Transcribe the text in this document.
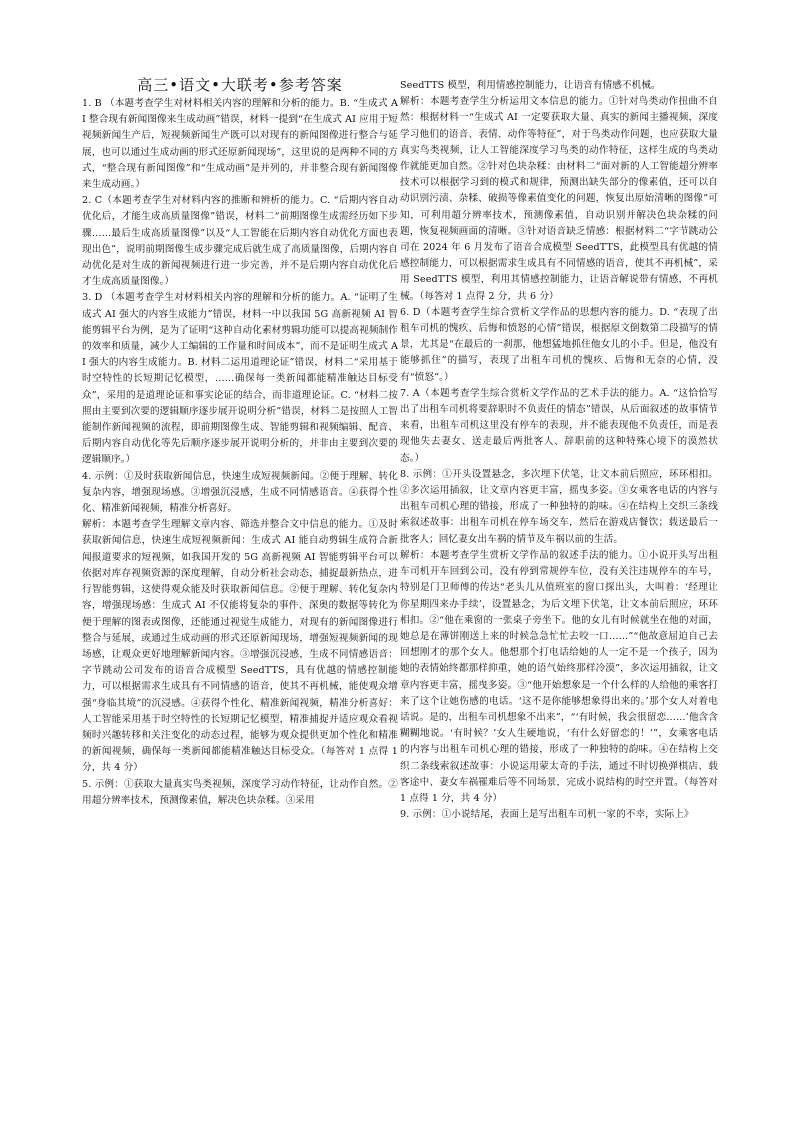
高三•语文•大联考•参考答案

1. B （本题考查学生对材料相关内容的理解和分析的能力。B. “生成式 AI 整合现有新闻图像来生成动画”错误，材料一提到“在生成式 AI 应用于短视频新闻生产后，短视频新闻生产既可以对现有的新闻图像进行整合与延展，也可以通过生成动画的形式还原新闻现场”，这里说的是两种不同的方式，“整合现有新闻图像”和“生成动画”是并列的，并非整合现有新闻图像来生成动画。）

2. C（本题考查学生对材料内容的推断和辨析的能力。C. “后期内容自动优化后，才能生成高质量图像”错误，材料二“前期图像生成需经历如下步骤……最后生成高质量图像”以及“人工智能在后期内容自动优化方面也表现出色”，说明前期图像生成步骤完成后就生成了高质量图像，后期内容自动优化是对生成的新闻视频进行进一步完善，并不是后期内容自动优化后才生成高质量图像。）

3. D （本题考查学生对材料相关内容的理解和分析的能力。A. “证明了生成式 AI 强大的内容生成能力”错误，材料一中以我国 5G 高新视频 AI 智能剪辑平台为例，是为了证明“这种自动化素材剪辑功能可以提高视频制作的效率和质量，减少人工编辑的工作量和时间成本”，而不是证明生成式 AI 强大的内容生成能力。B. 材料二运用道理论证”错误，材料二“采用基于时空特性的长短期记忆模型，……确保每一类新闻都能精准触达目标受众”，采用的是道理论证和事实论证的结合，而非道理论证。C. “材料二按照由主要到次要的逻辑顺序逐步展开说明分析”错误，材料二是按照人工智能制作新闻视频的流程，即前期图像生成、智能剪辑和视频编辑、配音、后期内容自动优化等先后顺序逐步展开说明分析的，并非由主要到次要的逻辑顺序。）

4. 示例：①及时获取新闻信息，快速生成短视频新闻。②便于理解、转化复杂内容，增强现场感。③增强沉浸感，生成不同情感语音。④获得个性化、精准新闻视频，精准分析喜好。

解析：本题考查学生理解文章内容、筛选并整合文中信息的能力。①及时获取新闻信息，快速生成短视频新闻：生成式 AI 能自动剪辑生成符合新闻报道要求的短视频，如我国开发的 5G 高新视频 AI 智能剪辑平台可以依据对库存视频资源的深度理解，自动分析社会动态，捕捉最新热点，进行智能剪辑，这使得观众能及时获取新闻信息。②便于理解、转化复杂内容，增强现场感：生成式 AI 不仅能将复杂的事件、深奥的数据等转化为便于理解的图表或图像，还能通过视觉生成能力，对现有的新闻图像进行整合与延展，或通过生成动画的形式还原新闻现场，增强短视频新闻的现场感，让观众更好地理解新闻内容。③增强沉浸感，生成不同情感语音：字节跳动公司发布的语音合成模型 SeedTTS，具有优越的情感控制能力，可以根据需求生成具有不同情感的语音，使其不再机械，能使观众增强“身临其境”的沉浸感。④获得个性化、精准新闻视频，精准分析喜好：人工智能采用基于时空特性的长短期记忆模型，精准捕捉并适应观众看视频时兴趣转移和关注变化的动态过程，能够为观众提供更加个性化和精准的新闻视频，确保每一类新闻都能精准触达目标受众。（每答对 1 点得 1 分，共 4 分）

5. 示例：①获取大量真实鸟类视频，深度学习动作特征，让动作自然。②用超分辨率技术，预测像素值，解决色块杂糅。③采用

SeedTTS 模型，利用情感控制能力，让语音有情感不机械。

解析：本题考查学生分析运用文本信息的能力。①针对鸟类动作扭曲不自然：根据材料一“生成式 AI 一定要获取大量、真实的新闻主播视频，深度学习他们的语音、表情、动作等特征”，对于鸟类动作问题，也应获取大量真实鸟类视频，让人工智能深度学习鸟类的动作特征，这样生成的鸟类动作就能更加自然。②针对色块杂糅：由材料二“面对新的人工智能超分辨率技术可以根据学习到的模式和规律，预测出缺失部分的像素值，还可以自动识别污渍、杂糅、破损等像素值变化的问题，恢复出原始清晰的图像”可知，可利用超分辨率技术，预测像素值，自动识别并解决色块杂糅的问题，恢复视频画面的清晰。③针对语音缺乏情感：根据材料二“字节跳动公司在 2024 年 6 月发布了语音合成模型 SeedTTS，此模型具有优越的情感控制能力，可以根据需求生成具有不同情感的语音，使其不再机械”，采用 SeedTTS 模型，利用其情感控制能力，让语音解说带有情感，不再机械。（每答对 1 点得 2 分，共 6 分）

6. D（本题考查学生综合赏析文学作品的思想内容的能力。D. “表现了出租车司机的愧疚、后悔和愤怒的心情”错误，根据原文倒数第二段描写的情景，尤其是“在最后的一刹那，他想猛地抓住他女儿的小手。但是，他没有能够抓住”的描写，表现了出租车司机的愧疚、后悔和无奈的心情，没有“愤怒”。）

7. A（本题考查学生综合赏析文学作品的艺术手法的能力。A. “这恰恰写出了出租车司机将要辞职时不负责任的情态”错误，从后面叙述的故事情节来看，出租车司机这里没有停车的表现，并不能表现他不负责任，而是表现他失去妻女、送走最后两批客人、辞职前的这种特殊心境下的漠然状态。）

8. 示例：①开头设置悬念，多次埋下伏笔，让文本前后照应，环环相扣。②多次运用插叙，让文章内容更丰富，摇曳多姿。③女乘客电话的内容与出租车司机心理的错接，形成了一种独特的韵味。④在结构上交织三条线索叙述故事：出租车司机在停车场交车，然后在游戏店餐饮；载送最后一批客人；回忆妻女出车祸的情节及车祸以前的生活。

解析：本题考查学生赏析文学作品的叙述手法的能力。①小说开头写出租车司机开车回到公司，没有停到常规停车位，没有关注违规停车的车号，特别是门卫师傅的传达“老头儿从值班室的窗口探出头，大叫着：‘经理让你星期四来办手续’，设置悬念，为后文埋下伏笔，让文本前后照应，环环相扣。②“他在乘窗的一张桌子旁坐下。他的女儿有时候就坐在他的对面，她总是在薄饼刚送上来的时候急急忙忙去咬一口……”“他故意屈迫自己去回想刚才的那个女人。他想那个打电话给她的人一定不是一个孩子，因为她的表情始终都那样抑重，她的语气始终那样冷漠”，多次运用插叙，让文章内容更丰富，摇曳多姿。③“他开始想象是一个什么样的人给他的乘客打来了这个让她伤感的电话。‘这不是你能够想象得出来的。’那个女人对着电话说。是的，出租车司机想象不出来”，“‘有时候，我会很留恋……’他含含糊糊地说。‘有时候？’女人生硬地说，‘有什么好留恋的！’”，女乘客电话的内容与出租车司机心理的错接，形成了一种独特的韵味。④在结构上交织二条线索叙述故事：小说运用蒙太奇的手法，通过不时切换弹棋店、载客途中、妻女车祸罹难后等不同场景，完成小说结构的时空并置。（每答对 1 点得 1 分，共 4 分）

9. 示例：①小说结尾，表面上是写出租车司机一家的不幸，实际上》
